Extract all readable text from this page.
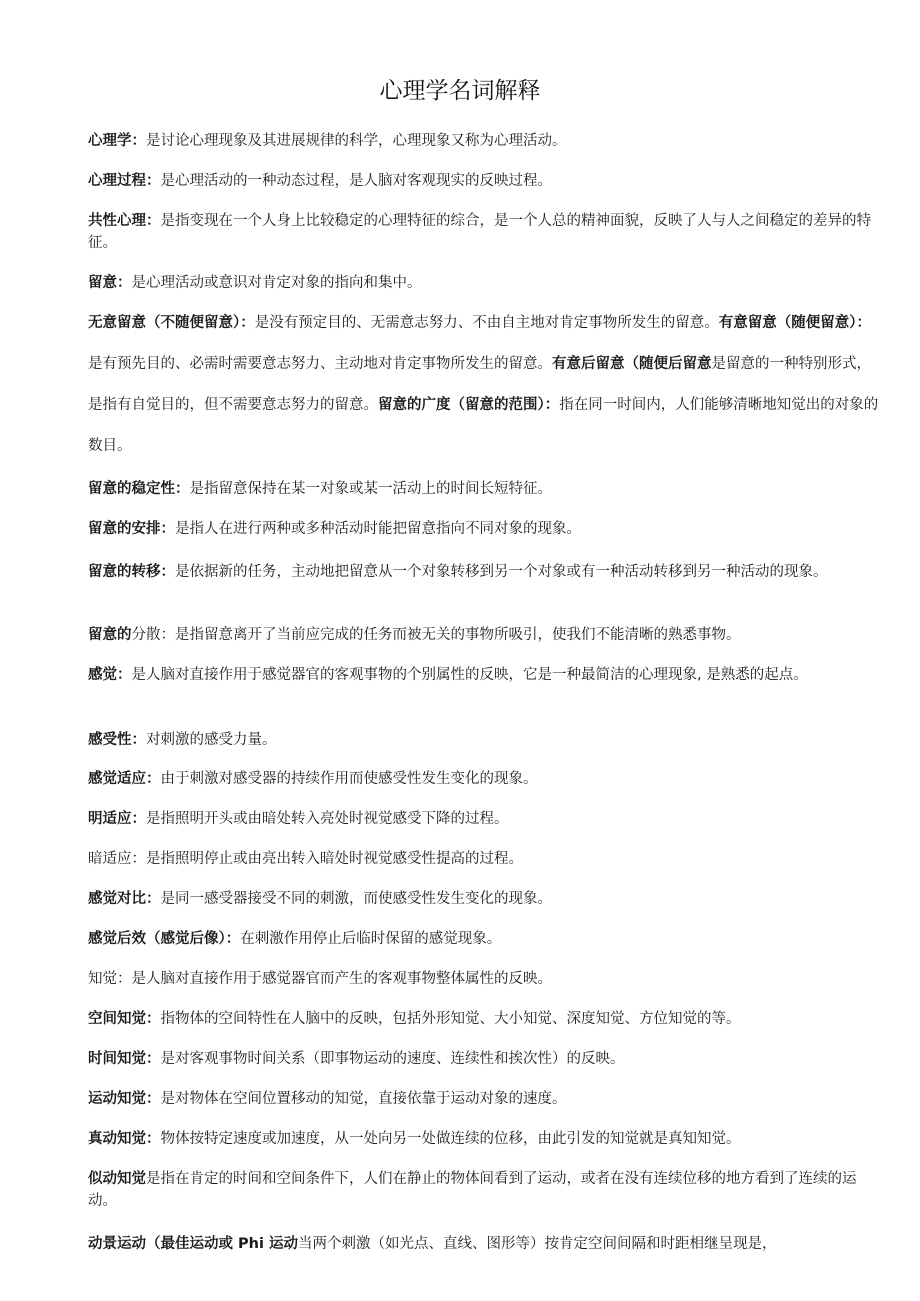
心理学名词解释

心理学：是讨论心理现象及其进展规律的科学，心理现象又称为心理活动。

心理过程：是心理活动的一种动态过程，是人脑对客观现实的反映过程。

共性心理：是指变现在一个人身上比较稳定的心理特征的综合，是一个人总的精神面貌，反映了人与人之间稳定的差异的特征。

留意：是心理活动或意识对肯定对象的指向和集中。

无意留意（不随便留意）：是没有预定目的、无需意志努力、不由自主地对肯定事物所发生的留意。有意留意（随便留意）：是有预先目的、必需时需要意志努力、主动地对肯定事物所发生的留意。有意后留意（随便后留意是留意的一种特别形式，是指有自觉目的，但不需要意志努力的留意。留意的广度（留意的范围）：指在同一时间内，人们能够清晰地知觉出的对象的数目。

留意的稳定性：是指留意保持在某一对象或某一活动上的时间长短特征。

留意的安排：是指人在进行两种或多种活动时能把留意指向不同对象的现象。

留意的转移：是依据新的任务，主动地把留意从一个对象转移到另一个对象或有一种活动转移到另一种活动的现象。

留意的分散：是指留意离开了当前应完成的任务而被无关的事物所吸引，使我们不能清晰的熟悉事物。

感觉：是人脑对直接作用于感觉器官的客观事物的个别属性的反映，它是一种最简洁的心理现象, 是熟悉的起点。

感受性：对刺激的感受力量。

感觉适应：由于刺激对感受器的持续作用而使感受性发生变化的现象。

明适应：是指照明开头或由暗处转入亮处时视觉感受下降的过程。

暗适应：是指照明停止或由亮出转入暗处时视觉感受性提高的过程。

感觉对比：是同一感受器接受不同的刺激，而使感受性发生变化的现象。

感觉后效（感觉后像）：在刺激作用停止后临时保留的感觉现象。

知觉：是人脑对直接作用于感觉器官而产生的客观事物整体属性的反映。

空间知觉：指物体的空间特性在人脑中的反映，包括外形知觉、大小知觉、深度知觉、方位知觉的等。

时间知觉：是对客观事物时间关系（即事物运动的速度、连续性和挨次性）的反映。

运动知觉：是对物体在空间位置移动的知觉，直接依靠于运动对象的速度。

真动知觉：物体按特定速度或加速度，从一处向另一处做连续的位移，由此引发的知觉就是真知知觉。

似动知觉是指在肯定的时间和空间条件下，人们在静止的物体间看到了运动，或者在没有连续位移的地方看到了连续的运动。

动景运动（最佳运动或 Phi 运动当两个刺激（如光点、直线、图形等）按肯定空间间隔和时距相继呈现是，
